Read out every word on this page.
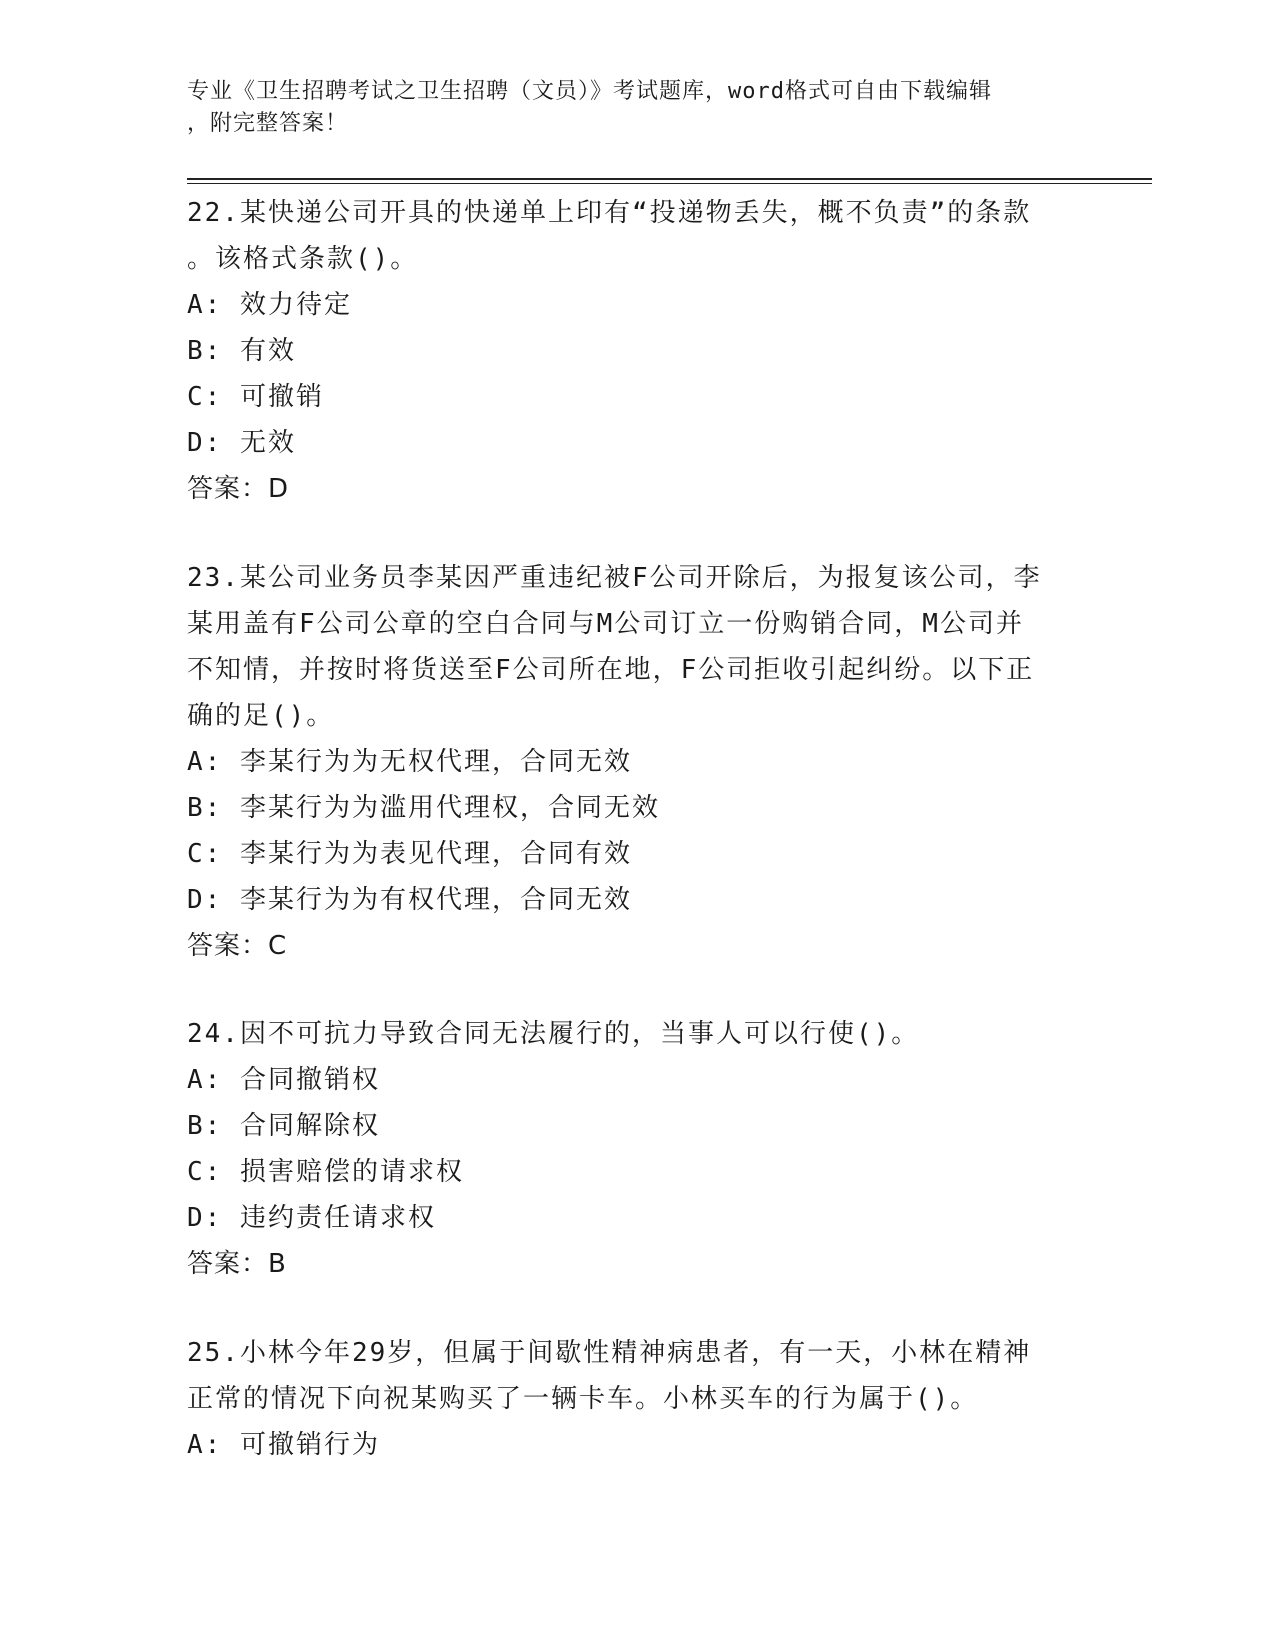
专业《卫生招聘考试之卫生招聘（文员）》考试题库，word格式可自由下载编辑
，附完整答案！

22.某快递公司开具的快递单上印有“投递物丢失，概不负责”的条款

。该格式条款()。

A: 效力待定

B: 有效

C: 可撤销

D: 无效

答案：D

23.某公司业务员李某因严重违纪被F公司开除后，为报复该公司，李

某用盖有F公司公章的空白合同与M公司订立一份购销合同，M公司并

不知情，并按时将货送至F公司所在地，F公司拒收引起纠纷。以下正

确的足()。

A: 李某行为为无权代理，合同无效

B: 李某行为为滥用代理权，合同无效

C: 李某行为为表见代理，合同有效

D: 李某行为为有权代理，合同无效

答案：C

24.因不可抗力导致合同无法履行的，当事人可以行使()。

A: 合同撤销权

B: 合同解除权

C: 损害赔偿的请求权

D: 违约责任请求权

答案：B

25.小林今年29岁，但属于间歇性精神病患者，有一天，小林在精神

正常的情况下向祝某购买了一辆卡车。小林买车的行为属于()。

A: 可撤销行为
